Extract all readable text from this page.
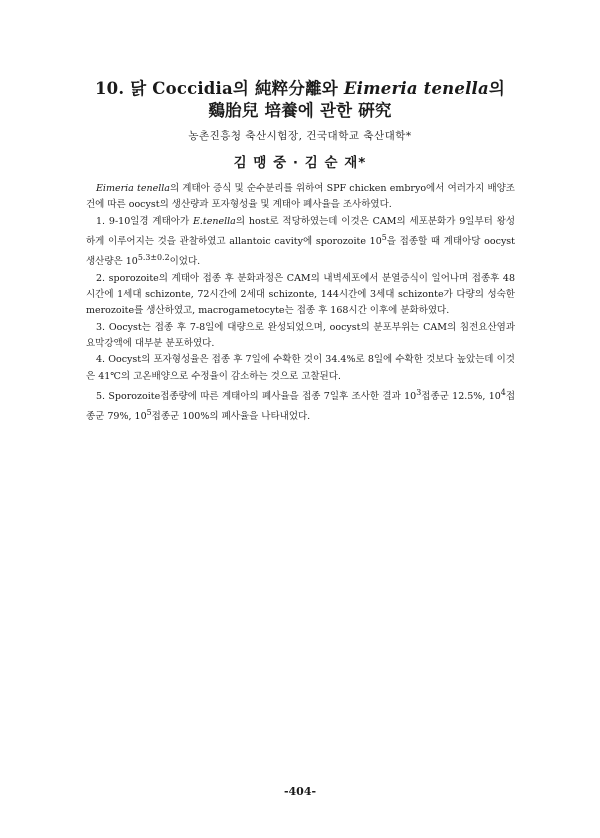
10. 닭 Coccidia의 純粹分離와 Eimeria tenella의
鷄胎兒 培養에 관한 硏究
농촌진흥청 축산시험장, 건국대학교 축산대학*
김 맹 중 · 김 순 재*

Eimeria tenella의 계태아 증식 및 순수분리를 위하여 SPF chicken embryo에서 여러가지 배양조건에 따른 oocyst의 생산량과 포자형성율 및 계태아 폐사율을 조사하였다.

1. 9-10일경 계태아가 E.tenella의 host로 적당하였는데 이것은 CAM의 세포분화가 9일부터 왕성하게 이루어지는 것을 관찰하였고 allantoic cavity에 sporozoite $10^5$을 접종할 때 계태아당 oocyst 생산량은 $10^{5.3\pm 0.2}$이었다.

2. sporozoite의 계태아 접종 후 분화과정은 CAM의 내벽세포에서 분열증식이 일어나며 접종후 48시간에 1세대 schizonte, 72시간에 2세대 schizonte, 144시간에 3세대 schizonte가 다량의 성숙한 merozoite를 생산하였고, macrogametocyte는 접종 후 168시간 이후에 분화하였다.

3. Oocyst는 접종 후 7-8일에 대량으로 완성되었으며, oocyst의 분포부위는 CAM의 침전요산염과 요막강액에 대부분 분포하였다.

4. Oocyst의 포자형성율은 접종 후 7일에 수확한 것이 34.4%로 8일에 수확한 것보다 높았는데 이것은 41℃의 고온배양으로 수정율이 감소하는 것으로 고찰된다.

5. Sporozoite접종량에 따른 계태아의 폐사율을 접종 7일후 조사한 결과 $10^3$접종군 12.5%, $10^4$접종군 79%, $10^5$접종군 100%의 폐사율을 나타내었다.

-404-
